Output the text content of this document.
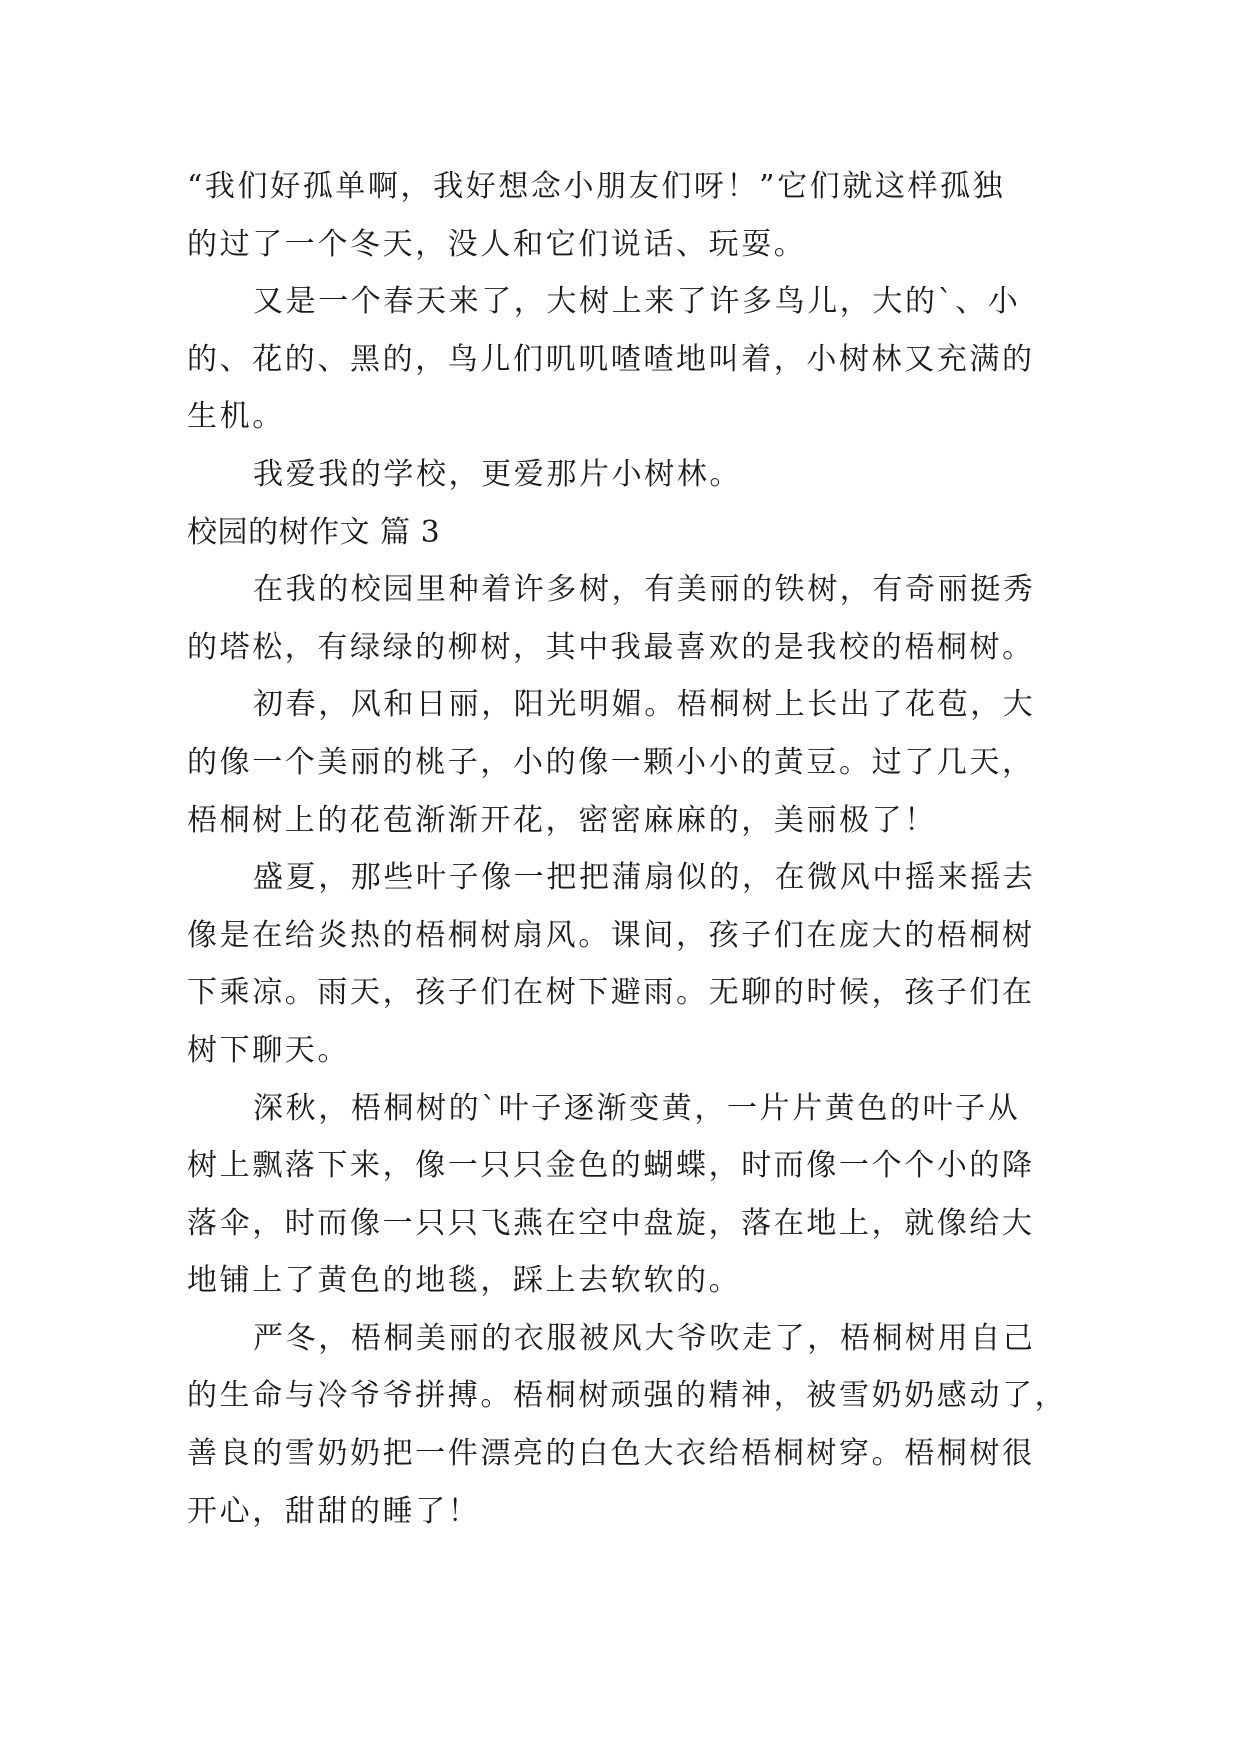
“我们好孤单啊，我好想念小朋友们呀！”它们就这样孤独
的过了一个冬天，没人和它们说话、玩耍。
又是一个春天来了，大树上来了许多鸟儿，大的`、小
的、花的、黑的，鸟儿们叽叽喳喳地叫着，小树林又充满的
生机。
我爱我的学校，更爱那片小树林。
校园的树作文 篇 3
在我的校园里种着许多树，有美丽的铁树，有奇丽挺秀
的塔松，有绿绿的柳树，其中我最喜欢的是我校的梧桐树。
初春，风和日丽，阳光明媚。梧桐树上长出了花苞，大
的像一个美丽的桃子，小的像一颗小小的黄豆。过了几天，
梧桐树上的花苞渐渐开花，密密麻麻的，美丽极了！
盛夏，那些叶子像一把把蒲扇似的，在微风中摇来摇去
像是在给炎热的梧桐树扇风。课间，孩子们在庞大的梧桐树
下乘凉。雨天，孩子们在树下避雨。无聊的时候，孩子们在
树下聊天。
深秋，梧桐树的`叶子逐渐变黄，一片片黄色的叶子从
树上飘落下来，像一只只金色的蝴蝶，时而像一个个小的降
落伞，时而像一只只飞燕在空中盘旋，落在地上，就像给大
地铺上了黄色的地毯，踩上去软软的。
严冬，梧桐美丽的衣服被风大爷吹走了，梧桐树用自己
的生命与冷爷爷拼搏。梧桐树顽强的精神，被雪奶奶感动了，
善良的雪奶奶把一件漂亮的白色大衣给梧桐树穿。梧桐树很
开心，甜甜的睡了！
